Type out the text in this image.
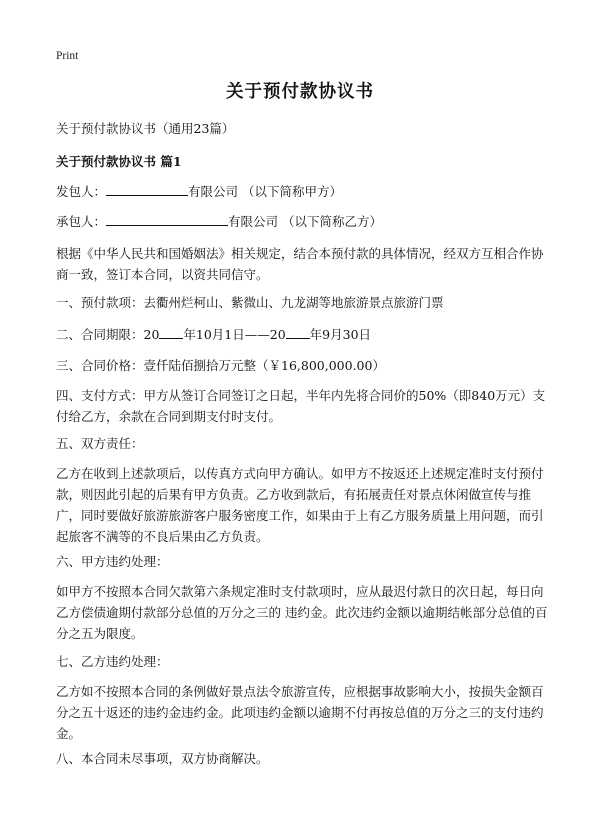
Print
关于预付款协议书

关于预付款协议书（通用23篇）

关于预付款协议书 篇1

发包人：	有限公司 （以下简称甲方）

承包人：	有限公司 （以下简称乙方）

根据《中华人民共和国婚姻法》相关规定，结合本预付款的具体情况，经双方互相合作协商一致，签订本合同，以资共同信守。

一、预付款项：去衢州烂柯山、紫微山、九龙湖等地旅游景点旅游门票

二、合同期限：20 年10月1日——20 年9月30日

三、合同价格：壹仟陆佰捌拾万元整（￥16,800,000.00）

四、支付方式：甲方从签订合同签订之日起，半年内先将合同价的50%（即840万元）支付给乙方，余款在合同到期支付时支付。

五、双方责任：

乙方在收到上述款项后，以传真方式向甲方确认。如甲方不按返还上述规定准时支付预付款，则因此引起的后果有甲方负责。乙方收到款后，有拓展责任对景点休闲做宣传与推广，同时要做好旅游旅游客户服务密度工作，如果由于上有乙方服务质量上用问题，而引起旅客不满等的不良后果由乙方负责。

六、甲方违约处理：

如甲方不按照本合同欠款第六条规定准时支付款项时，应从最迟付款日的次日起，每日向乙方偿债逾期付款部分总值的万分之三的 违约金。此次违约金额以逾期结帐部分总值的百分之五为限度。

七、乙方违约处理：

乙方如不按照本合同的条例做好景点法令旅游宣传，应根据事故影响大小，按损失金额百分之五十返还的违约金违约金。此项违约金额以逾期不付再按总值的万分之三的支付违约金。

八、本合同未尽事项，双方协商解决。
